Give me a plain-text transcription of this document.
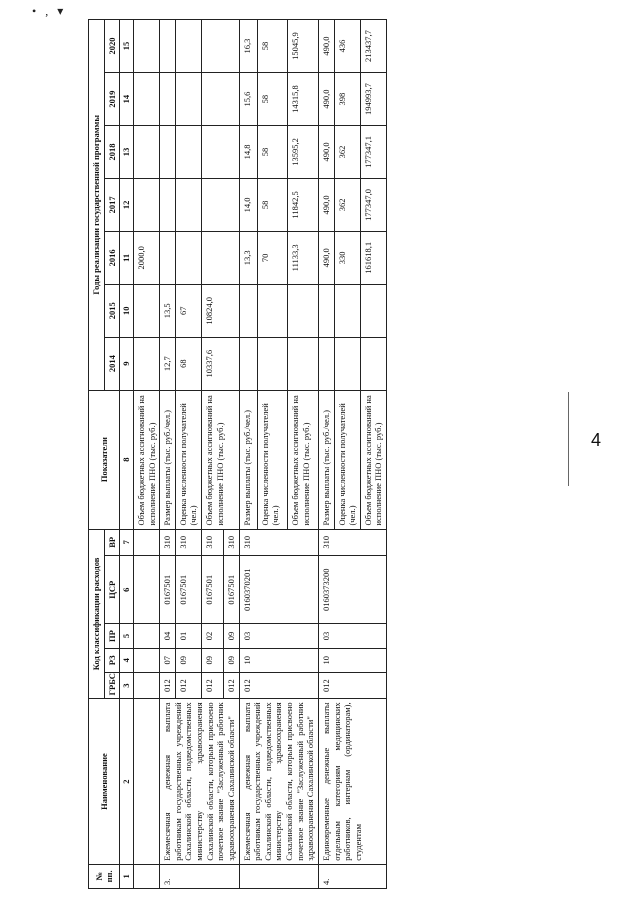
• , ▾
4
№ пп.	Наименование	Код классификации расходов					Показатели	Годы реализации государственной программы						
		ГРБС	РЗ	ПР	ЦСР	ВР		2014	2015	2016	2017	2018	2019	2020
1	2	3	4	5	6	7	8	9	10	11	12	13	14	15
							Объем бюджетных ассигнований на исполнение ПНО (тыс. руб.)			2000,0				
3.	Ежемесячная денежная выплата работникам государственных учреждений Сахалинской области, подведомственных министерству здравоохранения Сахалинской области, которым присвоено почетное звание "Заслуженный работник здравоохранения Сахалинской области"	012	07	04	0167501	310	Размер выплаты (тыс. руб./чел.)	12,7	13,5					
		012	09	01	0167501	310	Оценка численности получателей (чел.)	68	67					
		012	09	02	0167501	310	Объем бюджетных ассигнований на исполнение ПНО (тыс. руб.)	10337,6	10824,0					
		012	09	09	0167501	310								
	Ежемесячная денежная выплата работникам государственных учреждений Сахалинской области, подведомственных министерству здравоохранения Сахалинской области, которым присвоено почетное звание "Заслуженный работник здравоохранения Сахалинской области"	012	10	03	0160370201	310	Размер выплаты (тыс. руб./чел.)			13,3	14,0	14,8	15,6	16,3
							Оценка численности получателей (чел.)			70	58	58	58	58
							Объем бюджетных ассигнований на исполнение ПНО (тыс. руб.)			11133,3	11842,5	13595,2	14315,8	15045,9
4.	Единовременные денежные выплаты отдельным категориям медицинских работников, интернам (ординаторам), студентам	012	10	03	0160373200	310	Размер выплаты (тыс. руб./чел.)			490,0	490,0	490,0	490,0	490,0
							Оценка численности получателей (чел.)			330	362	362	398	436
							Объем бюджетных ассигнований на исполнение ПНО (тыс. руб.)			161618,1	177347,0	177347,1	194993,7	213437,7
